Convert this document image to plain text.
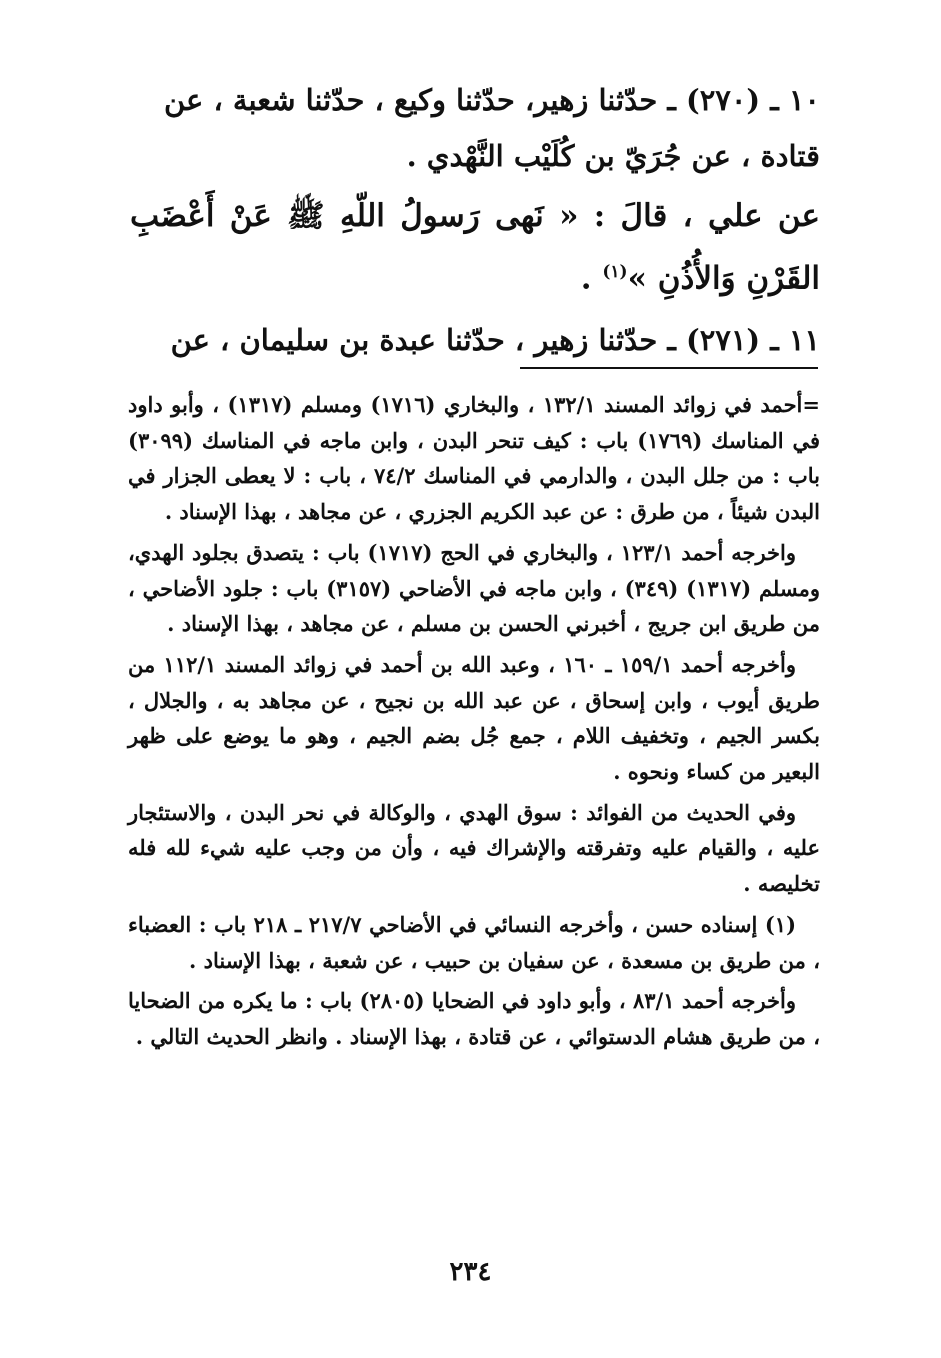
١٠ ـ (٢٧٠) ـ حدّثنا زهير، حدّثنا وكيع ، حدّثنا شعبة ، عن

قتادة ، عن جُرَيّ بن كُلَيْب النَّهْدي .

عن علي ، قالَ : « نَهى رَسولُ اللّهِ ﷺ عَنْ أَعْضَبِ القَرْنِ وَالأُذُنِ »$^{(١)}$ .

١١ ـ (٢٧١) ـ حدّثنا زهير ، حدّثنا عبدة بن سليمان ، عن

=أحمد في زوائد المسند ١٣٢/١ ، والبخاري (١٧١٦) ومسلم (١٣١٧) ، وأبو داود في المناسك (١٧٦٩) باب : كيف تنحر البدن ، وابن ماجه في المناسك (٣٠٩٩) باب : من جلل البدن ، والدارمي في المناسك ٧٤/٢ ، باب : لا يعطى الجزار في البدن شيئاً ، من طرق : عن عبد الكريم الجزري ، عن مجاهد ، بهذا الإسناد .

واخرجه أحمد ١٢٣/١ ، والبخاري في الحج (١٧١٧) باب : يتصدق بجلود الهدي، ومسلم (١٣١٧) (٣٤٩) ، وابن ماجه في الأضاحي (٣١٥٧) باب : جلود الأضاحي ، من طريق ابن جريج ، أخبرني الحسن بن مسلم ، عن مجاهد ، بهذا الإسناد .

وأخرجه أحمد ١٥٩/١ ـ ١٦٠ ، وعبد الله بن أحمد في زوائد المسند ١١٢/١ من طريق أيوب ، وابن إسحاق ، عن عبد الله بن نجيح ، عن مجاهد به ، والجلال ، بكسر الجيم ، وتخفيف اللام ، جمع جُل بضم الجيم ، وهو ما يوضع على ظهر البعير من كساء ونحوه .

وفي الحديث من الفوائد : سوق الهدي ، والوكالة في نحر البدن ، والاستئجار عليه ، والقيام عليه وتفرقته والإشراك فيه ، وأن من وجب عليه شيء لله فله تخليصه .

(١) إسناده حسن ، وأخرجه النسائي في الأضاحي ٢١٧/٧ ـ ٢١٨ باب : العضباء ، من طريق بن مسعدة ، عن سفيان بن حبيب ، عن شعبة ، بهذا الإسناد .

وأخرجه أحمد ٨٣/١ ، وأبو داود في الضحايا (٢٨٠٥) باب : ما يكره من الضحايا ، من طريق هشام الدستوائي ، عن قتادة ، بهذا الإسناد . وانظر الحديث التالي .

٢٣٤
